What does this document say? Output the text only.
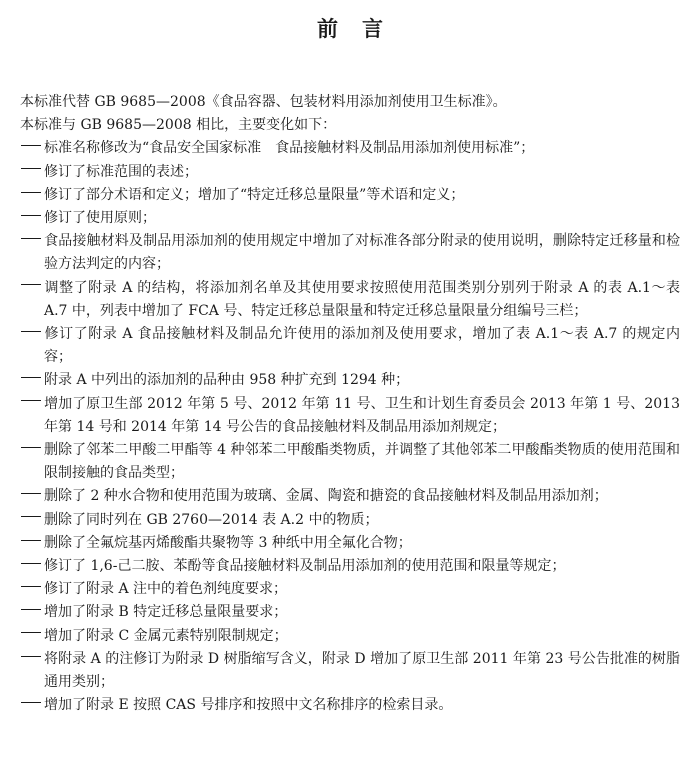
前言

本标准代替 GB 9685—2008《食品容器、包装材料用添加剂使用卫生标准》。

本标准与 GB 9685—2008 相比，主要变化如下：

标准名称修改为“食品安全国家标准　食品接触材料及制品用添加剂使用标准”；

修订了标准范围的表述；

修订了部分术语和定义；增加了“特定迁移总量限量”等术语和定义；

修订了使用原则；

食品接触材料及制品用添加剂的使用规定中增加了对标准各部分附录的使用说明，删除特定迁移量和检验方法判定的内容；

调整了附录 A 的结构，将添加剂名单及其使用要求按照使用范围类别分别列于附录 A 的表 A.1～表 A.7 中，列表中增加了 FCA 号、特定迁移总量限量和特定迁移总量限量分组编号三栏；

修订了附录 A 食品接触材料及制品允许使用的添加剂及使用要求，增加了表 A.1～表 A.7 的规定内容；

附录 A 中列出的添加剂的品种由 958 种扩充到 1294 种；

增加了原卫生部 2012 年第 5 号、2012 年第 11 号、卫生和计划生育委员会 2013 年第 1 号、2013 年第 14 号和 2014 年第 14 号公告的食品接触材料及制品用添加剂规定；

删除了邻苯二甲酸二甲酯等 4 种邻苯二甲酸酯类物质，并调整了其他邻苯二甲酸酯类物质的使用范围和限制接触的食品类型；

删除了 2 种水合物和使用范围为玻璃、金属、陶瓷和搪瓷的食品接触材料及制品用添加剂；

删除了同时列在 GB 2760—2014 表 A.2 中的物质；

删除了全氟烷基丙烯酸酯共聚物等 3 种纸中用全氟化合物；

修订了 1,6-己二胺、苯酚等食品接触材料及制品用添加剂的使用范围和限量等规定；

修订了附录 A 注中的着色剂纯度要求；

增加了附录 B 特定迁移总量限量要求；

增加了附录 C 金属元素特别限制规定；

将附录 A 的注修订为附录 D 树脂缩写含义，附录 D 增加了原卫生部 2011 年第 23 号公告批准的树脂通用类别；

增加了附录 E 按照 CAS 号排序和按照中文名称排序的检索目录。
